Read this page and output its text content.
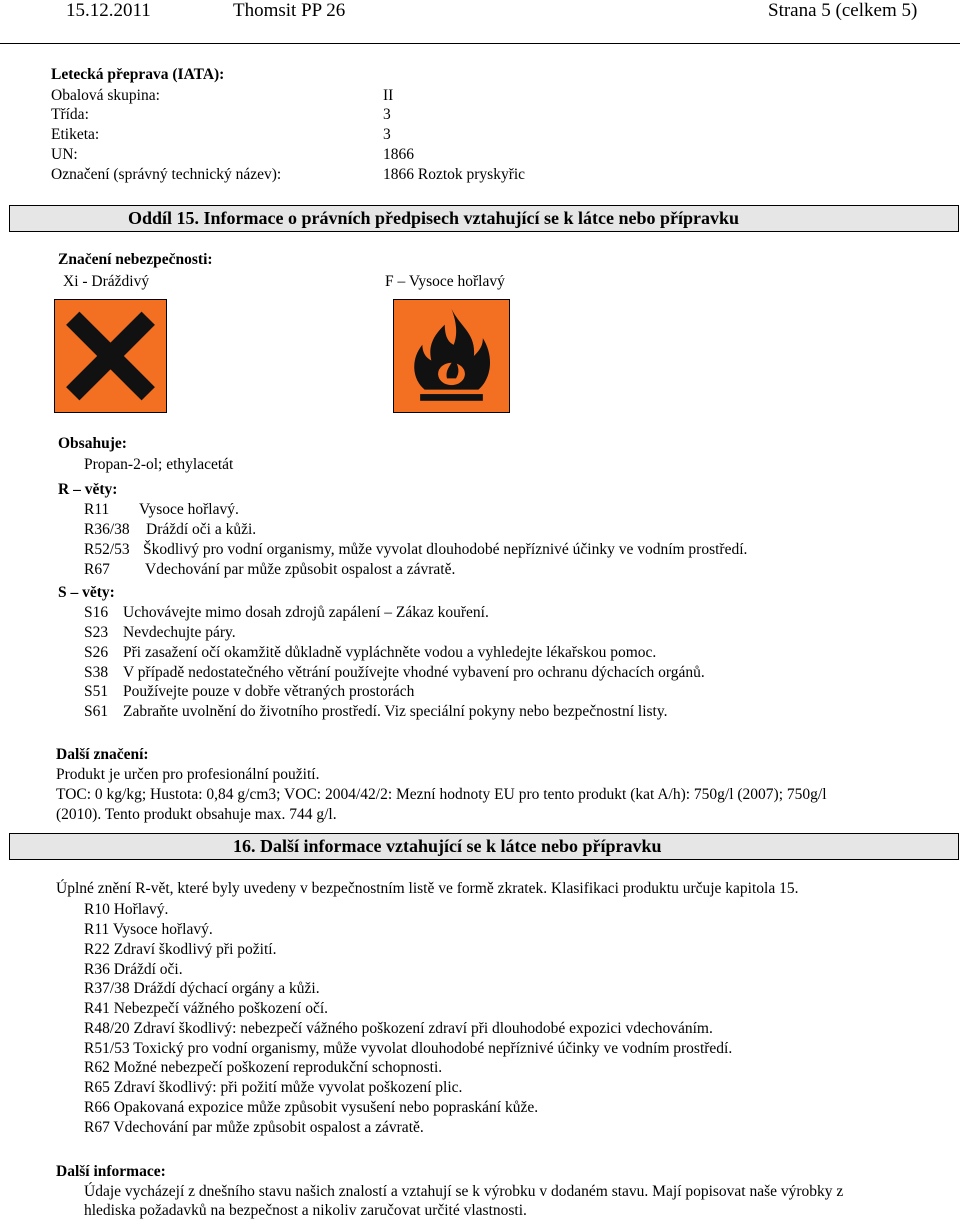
15.12.2011	Thomsit PP 26	Strana 5 (celkem 5)
Letecká přeprava (IATA):
Obalová skupina:	II
Třída:	3
Etiketa:	3
UN:	1866
Označení (správný technický název):	1866 Roztok pryskyřic
Oddíl 15. Informace o právních předpisech vztahující se k látce nebo přípravku
Značení nebezpečnosti:
Xi - Dráždivý	F – Vysoce hořlavý
Obsahuje:
Propan-2-ol; ethylacetát
R – věty:
R11 Vysoce hořlavý.
R36/38 Dráždí oči a kůži.
R52/53 Škodlivý pro vodní organismy, může vyvolat dlouhodobé nepříznivé účinky ve vodním prostředí.
R67 Vdechování par může způsobit ospalost a závratě.
S – věty:
S16 Uchovávejte mimo dosah zdrojů zapálení – Zákaz kouření.
S23 Nevdechujte páry.
S26 Při zasažení očí okamžitě důkladně vypláchněte vodou a vyhledejte lékařskou pomoc.
S38 V případě nedostatečného větrání používejte vhodné vybavení pro ochranu dýchacích orgánů.
S51 Používejte pouze v dobře větraných prostorách
S61 Zabraňte uvolnění do životního prostředí. Viz speciální pokyny nebo bezpečnostní listy.
Další značení:
Produkt je určen pro profesionální použití.
TOC: 0 kg/kg; Hustota: 0,84 g/cm3; VOC: 2004/42/2: Mezní hodnoty EU pro tento produkt (kat A/h): 750g/l (2007); 750g/l
(2010). Tento produkt obsahuje max. 744 g/l.
16. Další informace vztahující se k látce nebo přípravku
Úplné znění R-vět, které byly uvedeny v bezpečnostním listě ve formě zkratek. Klasifikaci produktu určuje kapitola 15.
R10 Hořlavý.
R11 Vysoce hořlavý.
R22 Zdraví škodlivý při požití.
R36 Dráždí oči.
R37/38 Dráždí dýchací orgány a kůži.
R41 Nebezpečí vážného poškození očí.
R48/20 Zdraví škodlivý: nebezpečí vážného poškození zdraví při dlouhodobé expozici vdechováním.
R51/53 Toxický pro vodní organismy, může vyvolat dlouhodobé nepříznivé účinky ve vodním prostředí.
R62 Možné nebezpečí poškození reprodukční schopnosti.
R65 Zdraví škodlivý: při požití může vyvolat poškození plic.
R66 Opakovaná expozice může způsobit vysušení nebo popraskání kůže.
R67 Vdechování par může způsobit ospalost a závratě.
Další informace:
Údaje vycházejí z dnešního stavu našich znalostí a vztahují se k výrobku v dodaném stavu. Mají popisovat naše výrobky z
hlediska požadavků na bezpečnost a nikoliv zaručovat určité vlastnosti.
